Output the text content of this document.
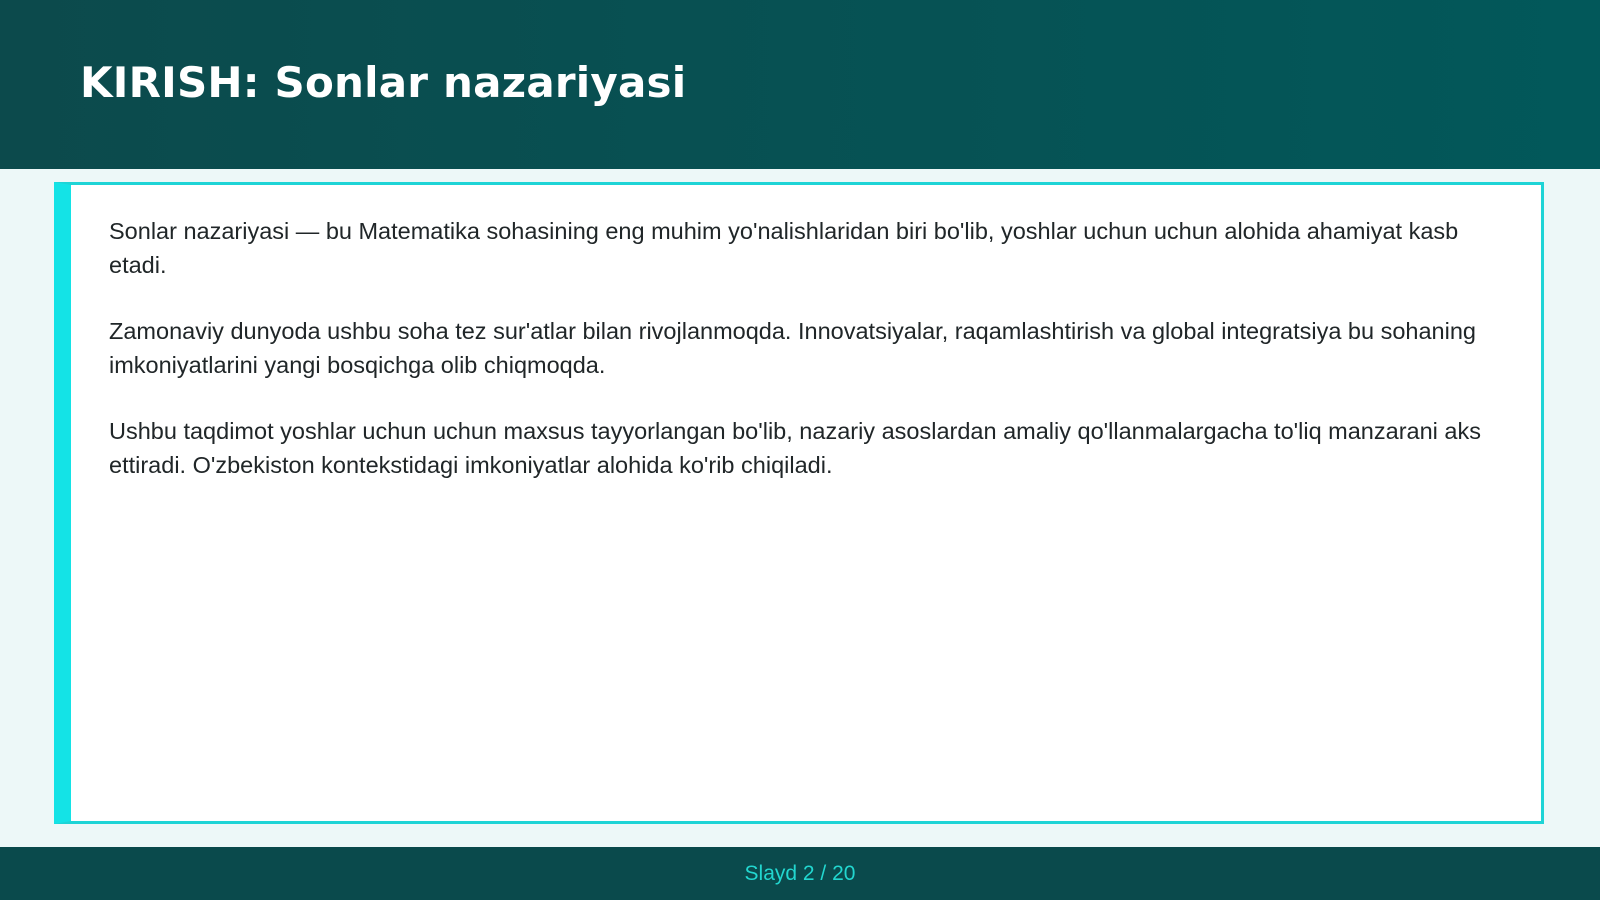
KIRISH: Sonlar nazariyasi

Sonlar nazariyasi — bu Matematika sohasining eng muhim yo'nalishlaridan biri bo'lib, yoshlar uchun uchun alohida ahamiyat kasb etadi.

Zamonaviy dunyoda ushbu soha tez sur'atlar bilan rivojlanmoqda. Innovatsiyalar, raqamlashtirish va global integratsiya bu sohaning imkoniyatlarini yangi bosqichga olib chiqmoqda.

Ushbu taqdimot yoshlar uchun uchun maxsus tayyorlangan bo'lib, nazariy asoslardan amaliy qo'llanmalargacha to'liq manzarani aks ettiradi. O'zbekiston kontekstidagi imkoniyatlar alohida ko'rib chiqiladi.

Slayd 2 / 20
